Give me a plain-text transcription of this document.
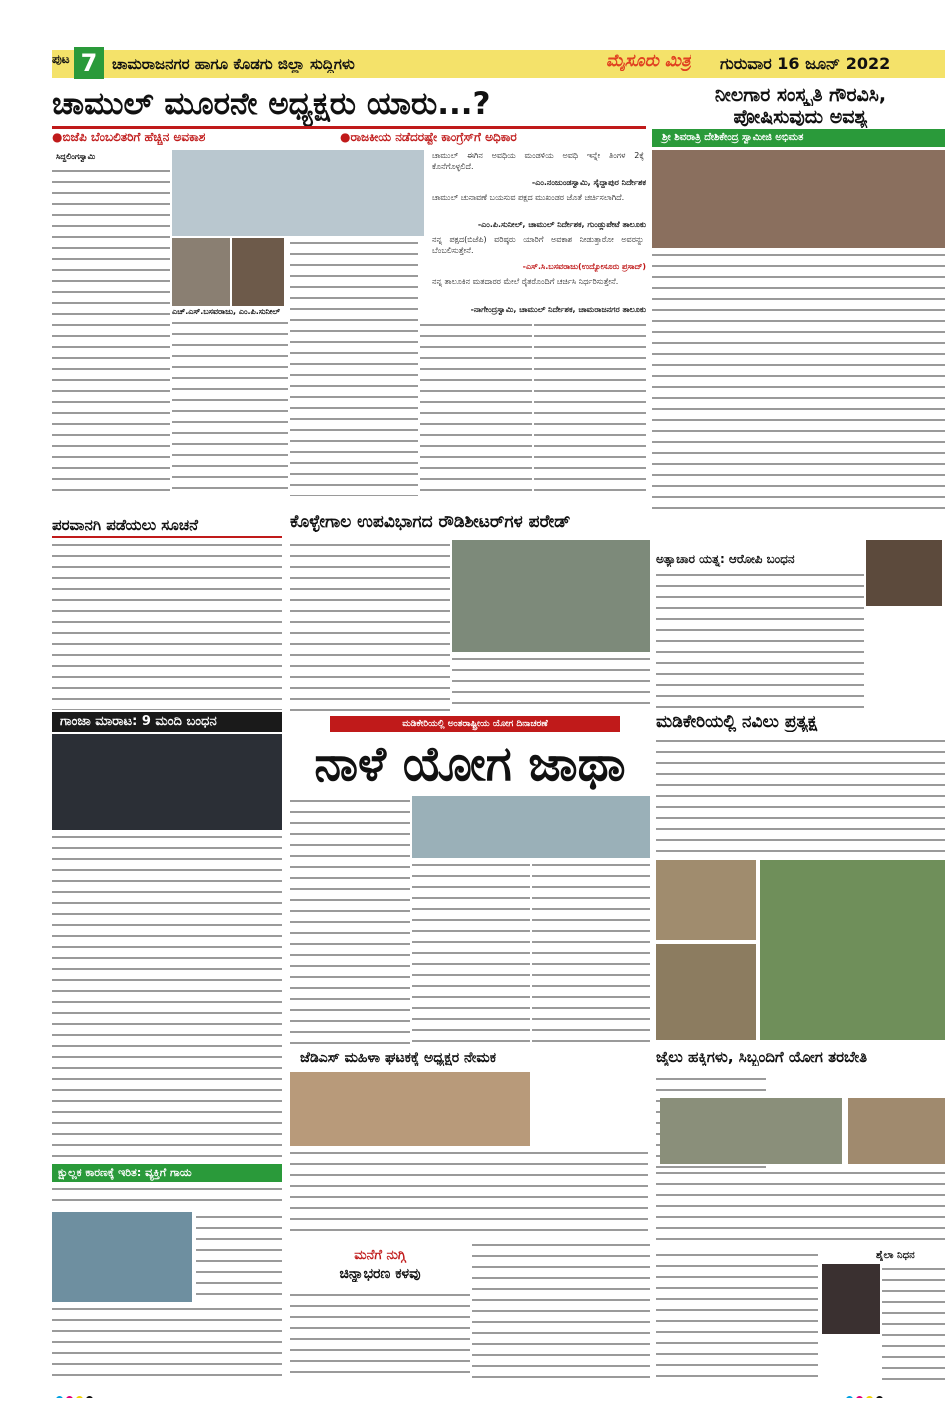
ಪುಟ 7 ಚಾಮರಾಜನಗರ ಹಾಗೂ ಕೊಡಗು ಜಿಲ್ಲಾ ಸುದ್ದಿಗಳು	ಮೈಸೂರು ಮಿತ್ರ ಗುರುವಾರ 16 ಜೂನ್ 2022
ಚಾಮುಲ್ ಮೂರನೇ ಅಧ್ಯಕ್ಷರು ಯಾರು...?
●ಬಿಜೆಪಿ ಬೆಂಬಲಿತರಿಗೆ ಹೆಚ್ಚಿನ ಅವಕಾಶ	●ರಾಜಕೀಯ ನಡೆದರಷ್ಟೇ ಕಾಂಗ್ರೆಸ್‌ಗೆ ಅಧಿಕಾರ
ಸಿದ್ದಲಿಂಗಸ್ವಾಮಿ
ಎಚ್.ಎಸ್.ಬಸವರಾಜು, ಎಂ.ಪಿ.ಸುನೀಲ್
ಚಾಮುಲ್ ಈಗಿನ ಅವಧಿಯ ಮಂಡಳಿಯ ಅವಧಿ ಇನ್ನೇ ತಿಂಗಳ 2ಕ್ಕೆ ಕೊನೆಗೊಳ್ಳಲಿದೆ.
-ಎಂ.ನಂಜುಂಡಸ್ವಾಮಿ, ಸೈದ್ದಾಪುರ ನಿರ್ದೇಶಕ
ಚಾಮುಲ್ ಚುನಾವಣೆ ಬಯಸುವ ಪಕ್ಷದ ಮುಖಂಡರ ಜೊತೆ ಚರ್ಚಿಸಲಾಗಿದೆ.
-ಎಂ.ಪಿ.ಸುನೀಲ್, ಚಾಮುಲ್ ನಿರ್ದೇಶಕ, ಗುಂಡ್ಲುಪೇಟೆ ತಾಲೂಕು
ನನ್ನ ಪಕ್ಷದ(ಬಿಜೆಪಿ) ವರಿಷ್ಠರು ಯಾರಿಗೆ ಅವಕಾಶ ನೀಡುತ್ತಾರೋ ಅವರನ್ನು ಬೆಂಬಲಿಸುತ್ತೇನೆ.
-ಎಸ್.ಸಿ.ಬಸವರಾಜು(ಉದ್ಯೋಸೂರು ಪ್ರಸಾದ್)
ನನ್ನ ತಾಲೂಕಿನ ಮತದಾರರ ಮೇಲೆ ರೈತರೊಂದಿಗೆ ಚರ್ಚಿಸಿ ನಿರ್ಧರಿಸುತ್ತೇನೆ.
-ನಾಗೇಂದ್ರಸ್ವಾಮಿ, ಚಾಮುಲ್ ನಿರ್ದೇಶಕ, ಚಾಮರಾಜನಗರ ತಾಲೂಕು
ನೀಲಗಾರ ಸಂಸ್ಕೃತಿ ಗೌರವಿಸಿ,
ಪೋಷಿಸುವುದು ಅವಶ್ಯ
ಶ್ರೀ ಶಿವರಾತ್ರಿ ದೇಶಿಕೇಂದ್ರ ಸ್ವಾಮೀಜಿ ಅಭಿಮತ
ಪರವಾನಗಿ ಪಡೆಯಲು ಸೂಚನೆ	ಕೊಳ್ಳೇಗಾಲ ಉಪವಿಭಾಗದ ರೌಡಿಶೀಟರ್‌ಗಳ ಪರೇಡ್
ಅತ್ಯಾಚಾರ ಯತ್ನ: ಆರೋಪಿ ಬಂಧನ
ಗಾಂಜಾ ಮಾರಾಟ: 9 ಮಂದಿ ಬಂಧನ	ಮಡಿಕೇರಿಯಲ್ಲಿ ಅಂತರಾಷ್ಟ್ರೀಯ ಯೋಗ ದಿನಾಚರಣೆ
ನಾಳೆ ಯೋಗ ಜಾಥಾ
ಮಡಿಕೇರಿಯಲ್ಲಿ ನವಿಲು ಪ್ರತ್ಯಕ್ಷ
ಜೆಡಿಎಸ್ ಮಹಿಳಾ ಘಟಕಕ್ಕೆ ಅಧ್ಯಕ್ಷರ ನೇಮಕ
ಮನೆಗೆ ನುಗ್ಗಿ
ಚಿನ್ನಾಭರಣ ಕಳವು
ಜೈಲು ಹಕ್ಕಿಗಳು, ಸಿಬ್ಬಂದಿಗೆ ಯೋಗ ತರಬೇತಿ
ಶೈಲಾ ನಿಧನ
ಕ್ಷುಲ್ಲಕ ಕಾರಣಕ್ಕೆ ಇರಿತ: ವ್ಯಕ್ತಿಗೆ ಗಾಯ
